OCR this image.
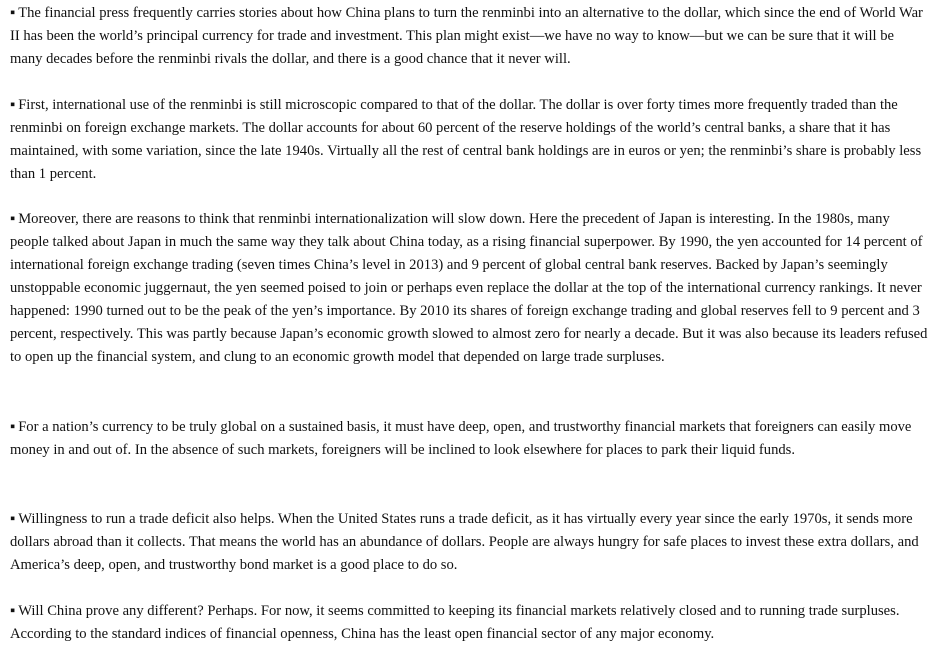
▪ The financial press frequently carries stories about how China plans to turn the renminbi into an alternative to the dollar, which since the end of World War II has been the world’s principal currency for trade and investment. This plan might exist—we have no way to know—but we can be sure that it will be many decades before the renminbi rivals the dollar, and there is a good chance that it never will.

▪ First, international use of the renminbi is still microscopic compared to that of the dollar. The dollar is over forty times more frequently traded than the renminbi on foreign exchange markets. The dollar accounts for about 60 percent of the reserve holdings of the world’s central banks, a share that it has maintained, with some variation, since the late 1940s. Virtually all the rest of central bank holdings are in euros or yen; the renminbi’s share is probably less than 1 percent.

▪ Moreover, there are reasons to think that renminbi internationalization will slow down. Here the precedent of Japan is interesting. In the 1980s, many people talked about Japan in much the same way they talk about China today, as a rising financial superpower. By 1990, the yen accounted for 14 percent of international foreign exchange trading (seven times China’s level in 2013) and 9 percent of global central bank reserves. Backed by Japan’s seemingly unstoppable economic juggernaut, the yen seemed poised to join or perhaps even replace the dollar at the top of the international currency rankings. It never happened: 1990 turned out to be the peak of the yen’s importance. By 2010 its shares of foreign exchange trading and global reserves fell to 9 percent and 3 percent, respectively. This was partly because Japan’s economic growth slowed to almost zero for nearly a decade. But it was also because its leaders refused to open up the financial system, and clung to an economic growth model that depended on large trade surpluses.

▪ For a nation’s currency to be truly global on a sustained basis, it must have deep, open, and trustworthy financial markets that foreigners can easily move money in and out of. In the absence of such markets, foreigners will be inclined to look elsewhere for places to park their liquid funds.

▪ Willingness to run a trade deficit also helps. When the United States runs a trade deficit, as it has virtually every year since the early 1970s, it sends more dollars abroad than it collects. That means the world has an abundance of dollars. People are always hungry for safe places to invest these extra dollars, and America’s deep, open, and trustworthy bond market is a good place to do so.

▪ Will China prove any different? Perhaps. For now, it seems committed to keeping its financial markets relatively closed and to running trade surpluses. According to the standard indices of financial openness, China has the least open financial sector of any major economy.
